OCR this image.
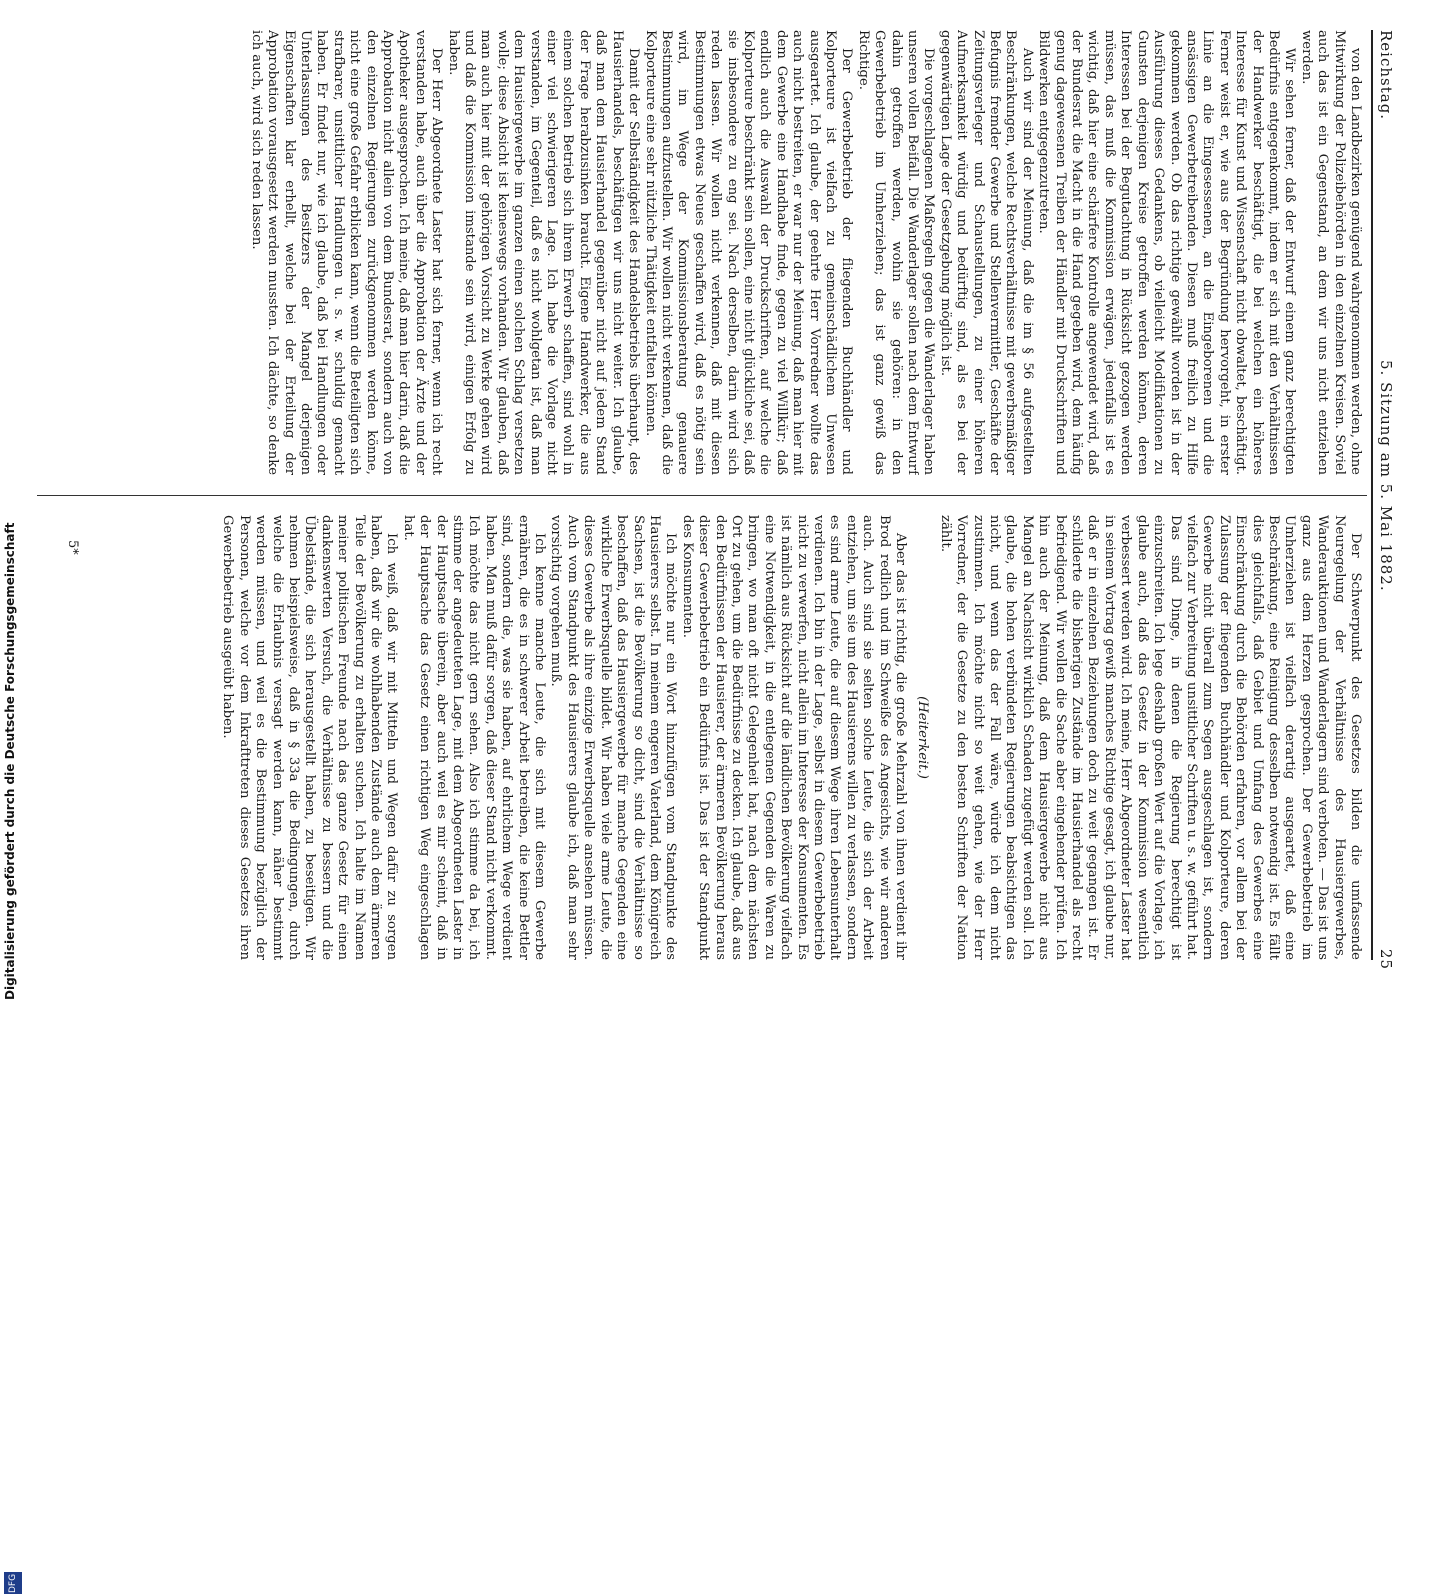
Reichstag.
5. Sitzung am 5. Mai 1882.
25

von den Landbezirken genügend wahrgenommen werden, ohne Mitwirkung der Polizeibehörden in den einzelnen Kreisen. Soviel auch das ist ein Gegenstand, an dem wir uns nicht entziehen werden.

Wir sehen ferner, daß der Entwurf einem ganz berechtigten Bedürfnis entgegenkommt, indem er sich mit den Verhältnissen der Handwerker beschäftigt, die bei welchen ein höheres Interesse für Kunst und Wissenschaft nicht obwaltet, beschäftigt. Ferner weist er, wie aus der Begründung hervorgeht, in erster Linie an die Eingesessenen, an die Eingeborenen und die ansässigen Gewerbetreibenden. Diesen muß freilich zu Hilfe gekommen werden. Ob das richtige gewählt worden ist in der Ausführung dieses Gedankens, ob vielleicht Modifikationen zu Gunsten derjenigen Kreise getroffen werden können, deren Interessen bei der Begutachtung in Rücksicht gezogen werden müssen, das muß die Kommission erwägen, jedenfalls ist es wichtig, daß hier eine schärfere Kontrolle angewendet wird, daß der Bundesrat die Macht in die Hand gegeben wird, dem häufig genug dagewesenen Treiben der Händler mit Druckschriften und Bildwerken entgegenzutreten.

Auch wir sind der Meinung, daß die im § 56 aufgestellten Beschränkungen, welche Rechtsverhältnisse mit gewerbsmäßiger Befugnis fremder Gewerbe und Stellenvermittler, Geschäfte der Zeitungsverleger und Schaustellungen, zu einer höheren Aufmerksamkeit würdig und bedürftig sind, als es bei der gegenwärtigen Lage der Gesetzgebung möglich ist.

Die vorgeschlagenen Maßregeln gegen die Wanderlager haben unseren vollen Beifall. Die Wanderlager sollen nach dem Entwurf dahin getroffen werden, wohin sie gehören: in den Gewerbebetrieb im Umherziehen; das ist ganz gewiß das Richtige.

Der Gewerbebetrieb der fliegenden Buchhändler und Kolporteure ist vielfach zu gemeinschädlichem Unwesen ausgeartet. Ich glaube, der geehrte Herr Vorredner wollte das auch nicht bestreiten, er war nur der Meinung, daß man hier mit dem Gewerbe eine Handhabe finde, gegen zu viel Willkür; daß endlich auch die Auswahl der Druckschriften, auf welche die Kolporteure beschränkt sein sollen, eine nicht glückliche sei, daß sie insbesondere zu eng sei. Nach derselben, darin wird sich reden lassen. Wir wollen nicht verkennen, daß mit diesen Bestimmungen etwas Neues geschaffen wird, daß es nötig sein wird, im Wege der Kommissionsberatung genauere Bestimmungen aufzustellen. Wir wollen nicht verkennen, daß die Kolporteure eine sehr nützliche Thätigkeit entfalten können.

Damit der Selbständigkeit des Handelsbetriebs überhaupt, des Hausierhandels, beschäftigen wir uns nicht weiter. Ich glaube, daß man dem Hausierhandel gegenüber nicht auf jedem Stand der Frage herabzusinken braucht. Eigene Handwerker, die aus einem solchen Betrieb sich ihrem Erwerb schaffen, sind wohl in einer viel schwierigeren Lage. Ich habe die Vorlage nicht verstanden, im Gegenteil, daß es nicht wohlgetan ist, daß man dem Hausiergewerbe im ganzen einen solchen Schlag versetzen wolle; diese Absicht ist keineswegs vorhanden. Wir glauben, daß man auch hier mit der gehörigen Vorsicht zu Werke gehen wird und daß die Kommission imstande sein wird, einigen Erfolg zu haben.

Der Herr Abgeordnete Laster hat sich ferner, wenn ich recht verstanden habe, auch über die Approbation der Ärzte und der Apotheker ausgesprochen. Ich meine, daß man hier darin, daß die Approbation nicht allein von dem Bundesrat, sondern auch von den einzelnen Regierungen zurückgenommen werden könne, nicht eine große Gefahr erblicken kann, wenn die Beteiligten sich strafbarer, unsittlicher Handlungen u. s. w. schuldig gemacht haben. Er findet nur, wie ich glaube, daß bei Handlungen oder Unterlassungen des Besitzers der Mangel derjenigen Eigenschaften klar erhellt, welche bei der Erteilung der Approbation vorausgesetzt werden mussten. Ich dächte, so denke ich auch, wird sich reden lassen.

Der Schwerpunkt des Gesetzes bilden die umfassende Neuregelung der Verhältnisse des Hausiergewerbes, Wanderauktionen und Wanderlagern sind verboten. — Das ist uns ganz aus dem Herzen gesprochen. Der Gewerbebetrieb im Umherziehen ist vielfach derartig ausgeartet, daß eine Beschränkung, eine Reinigung desselben notwendig ist. Es fällt dies gleichfalls, daß Gebiet und Umfang des Gewerbes eine Einschränkung durch die Behörden erfahren, vor allem bei der Zulassung der fliegenden Buchhändler und Kolporteure, deren Gewerbe nicht überall zum Segen ausgeschlagen ist, sondern vielfach zur Verbreitung unsittlicher Schriften u. s. w. geführt hat. Das sind Dinge, in denen die Regierung berechtigt ist einzuschreiten. Ich lege deshalb großen Wert auf die Vorlage, ich glaube auch, daß das Gesetz in der Kommission wesentlich verbessert werden wird. Ich meine, Herr Abgeordneter Laster hat in seinem Vortrag gewiß manches Richtige gesagt, ich glaube nur, daß er in einzelnen Beziehungen doch zu weit gegangen ist. Er schilderte die bisherigen Zustände im Hausierhandel als recht befriedigend. Wir wollen die Sache aber eingehender prüfen. Ich hin auch der Meinung, daß dem Hausiergewerbe nicht aus Mangel an Nachsicht wirklich Schaden zugefügt werden soll. Ich glaube, die hohen verbündeten Regierungen beabsichtigen das nicht, und wenn das der Fall wäre, würde ich dem nicht zustimmen. Ich möchte nicht so weit gehen, wie der Herr Vorredner, der die Gesetze zu den besten Schriften der Nation zählt.

(Heiterkeit.)

Aber das ist richtig, die große Mehrzahl von ihnen verdient ihr Brod redlich und im Schweiße des Angesichts, wie wir anderen auch. Auch sind sie selten solche Leute, die sich der Arbeit entziehen, um sie um des Hausierens willen zu verlassen, sondern es sind arme Leute, die auf diesem Wege ihren Lebensunterhalt verdienen. Ich bin in der Lage, selbst in diesem Gewerbebetrieb nicht zu verwerfen, nicht allein im Interesse der Konsumenten. Es ist nämlich aus Rücksicht auf die ländlichen Bevölkerung vielfach eine Notwendigkeit, in die entlegenen Gegenden die Waren zu bringen, wo man oft nicht Gelegenheit hat, nach dem nächsten Ort zu gehen, um die Bedürfnisse zu decken. Ich glaube, daß aus den Bedürfnissen der Hausierer, der ärmeren Bevölkerung heraus dieser Gewerbebetrieb ein Bedürfnis ist. Das ist der Standpunkt des Konsumenten.

Ich möchte nur ein Wort hinzufügen vom Standpunkte des Hausierers selbst. In meinem engeren Vaterland, dem Königreich Sachsen, ist die Bevölkerung so dicht, sind die Verhältnisse so beschaffen, daß das Hausiergewerbe für manche Gegenden eine wirkliche Erwerbsquelle bildet. Wir haben viele arme Leute, die dieses Gewerbe als ihre einzige Erwerbsquelle ansehen müssen. Auch vom Standpunkt des Hausierers glaube ich, daß man sehr vorsichtig vorgehen muß.

Ich kenne manche Leute, die sich mit diesem Gewerbe ernähren, die es in schwerer Arbeit betreiben, die keine Bettler sind, sondern die, was sie haben, auf ehrlichem Wege verdient haben. Man muß dafür sorgen, daß dieser Stand nicht verkommt. Ich möchte das nicht gern sehen. Also ich stimme da bei, ich stimme der angedeuteten Lage, mit dem Abgeordneten Laster in der Hauptsache überein, aber auch weil es mir scheint, daß in der Hauptsache das Gesetz einen richtigen Weg eingeschlagen hat.

Ich weiß, daß wir mit Mitteln und Wegen dafür zu sorgen haben, daß wir die wohlhabenden Zustände auch dem ärmeren Teile der Bevölkerung zu erhalten suchen. Ich halte im Namen meiner politischen Freunde nach das ganze Gesetz für einen dankenswerten Versuch, die Verhältnisse zu bessern und die Übelstände, die sich herausgestellt haben, zu beseitigen. Wir nehmen beispielsweise, daß in § 33a die Bedingungen, durch welche die Erlaubnis versagt werden kann, näher bestimmt werden müssen, und weil es die Bestimmung bezüglich der Personen, welche vor dem Inkrafttreten dieses Gesetzes ihren Gewerbebetrieb ausgeübt haben.

5*
Digitalisierung gefördert durch die Deutsche Forschungsgemeinschaft
DFG
